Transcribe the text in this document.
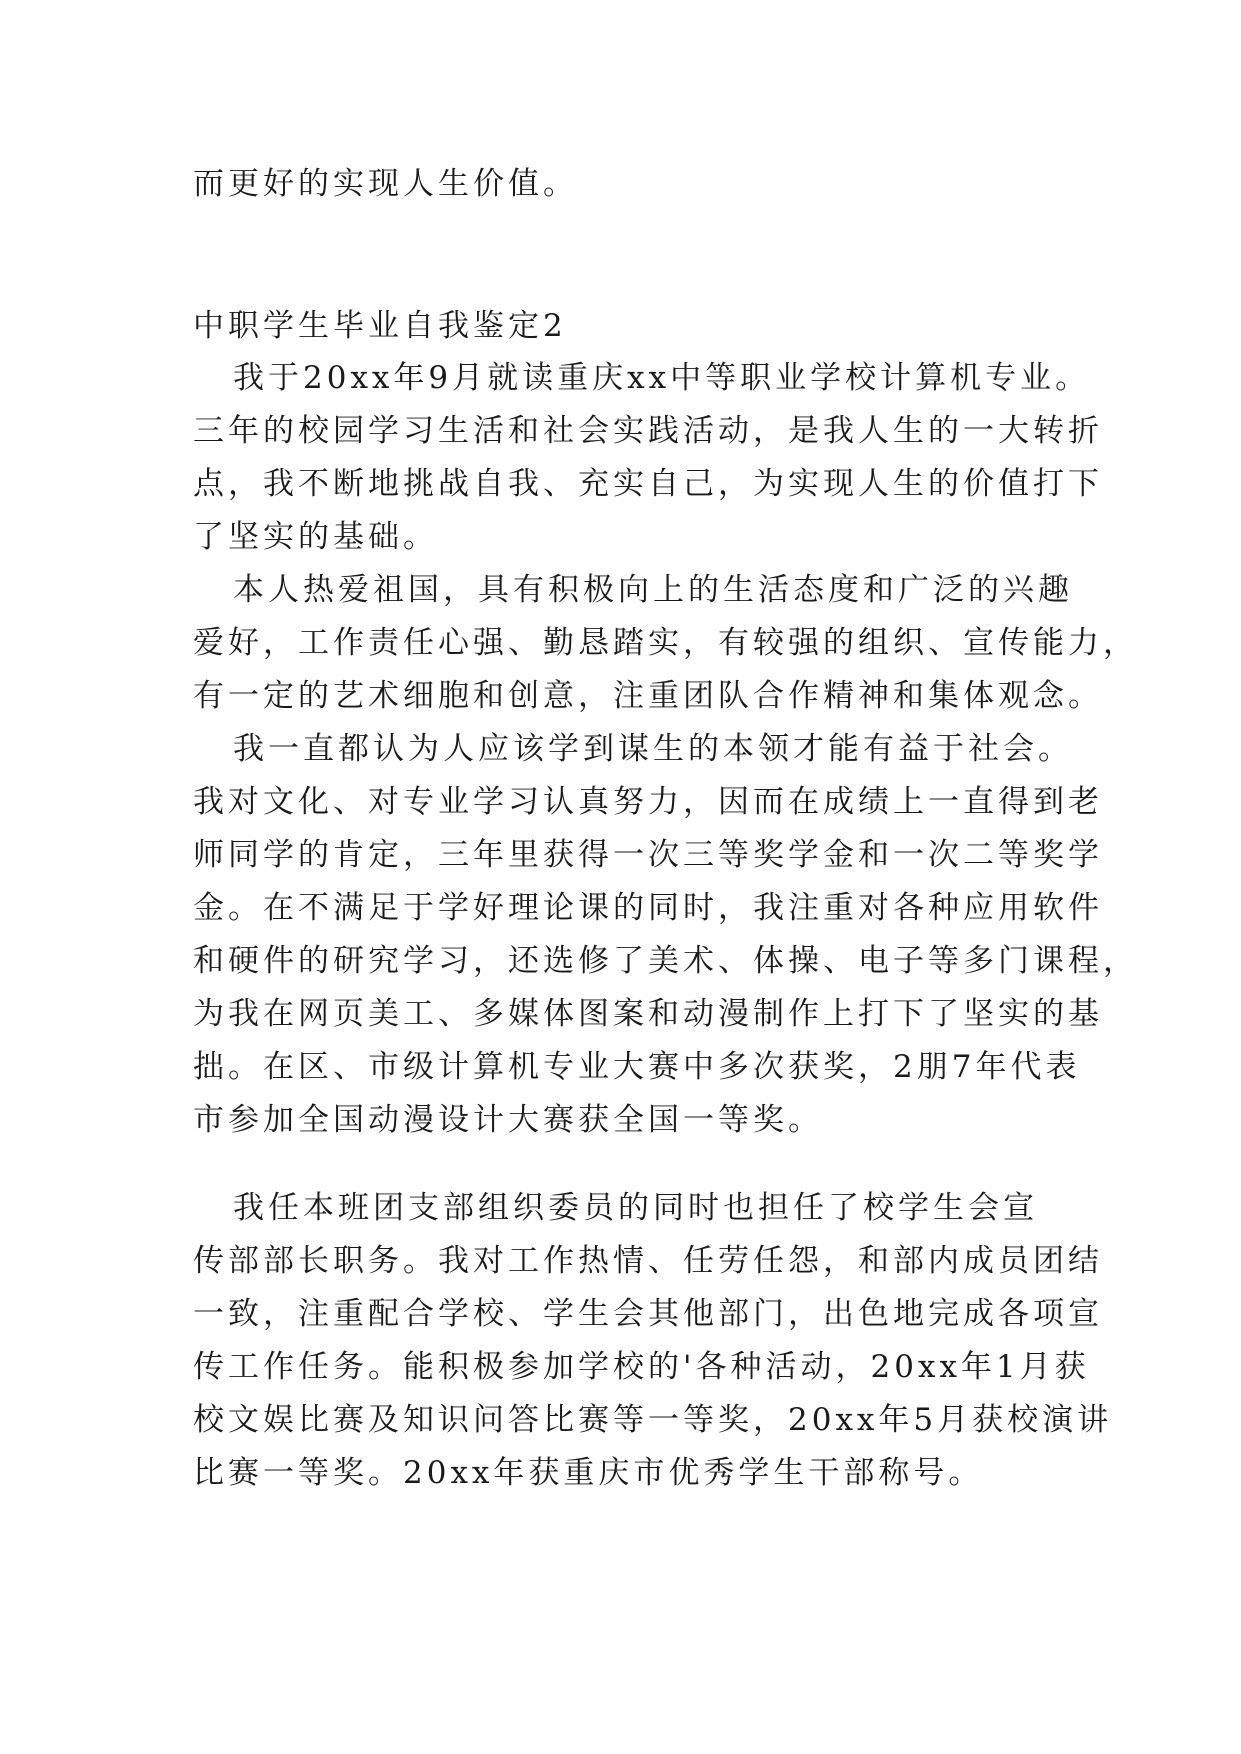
而更好的实现人生价值。
中职学生毕业自我鉴定2
我于20xx年9月就读重庆xx中等职业学校计算机专业。
三年的校园学习生活和社会实践活动，是我人生的一大转折
点，我不断地挑战自我、充实自己，为实现人生的价值打下
了坚实的基础。
本人热爱祖国，具有积极向上的生活态度和广泛的兴趣
爱好，工作责任心强、勤恳踏实，有较强的组织、宣传能力，
有一定的艺术细胞和创意，注重团队合作精神和集体观念。
我一直都认为人应该学到谋生的本领才能有益于社会。
我对文化、对专业学习认真努力，因而在成绩上一直得到老
师同学的肯定，三年里获得一次三等奖学金和一次二等奖学
金。在不满足于学好理论课的同时，我注重对各种应用软件
和硬件的研究学习，还选修了美术、体操、电子等多门课程，
为我在网页美工、多媒体图案和动漫制作上打下了坚实的基
拙。在区、市级计算机专业大赛中多次获奖，2朋7年代表
市参加全国动漫设计大赛获全国一等奖。
我任本班团支部组织委员的同时也担任了校学生会宣
传部部长职务。我对工作热情、任劳任怨，和部内成员团结
一致，注重配合学校、学生会其他部门，出色地完成各项宣
传工作任务。能积极参加学校的'各种活动，20xx年1月获
校文娱比赛及知识问答比赛等一等奖，20xx年5月获校演讲
比赛一等奖。20xx年获重庆市优秀学生干部称号。
